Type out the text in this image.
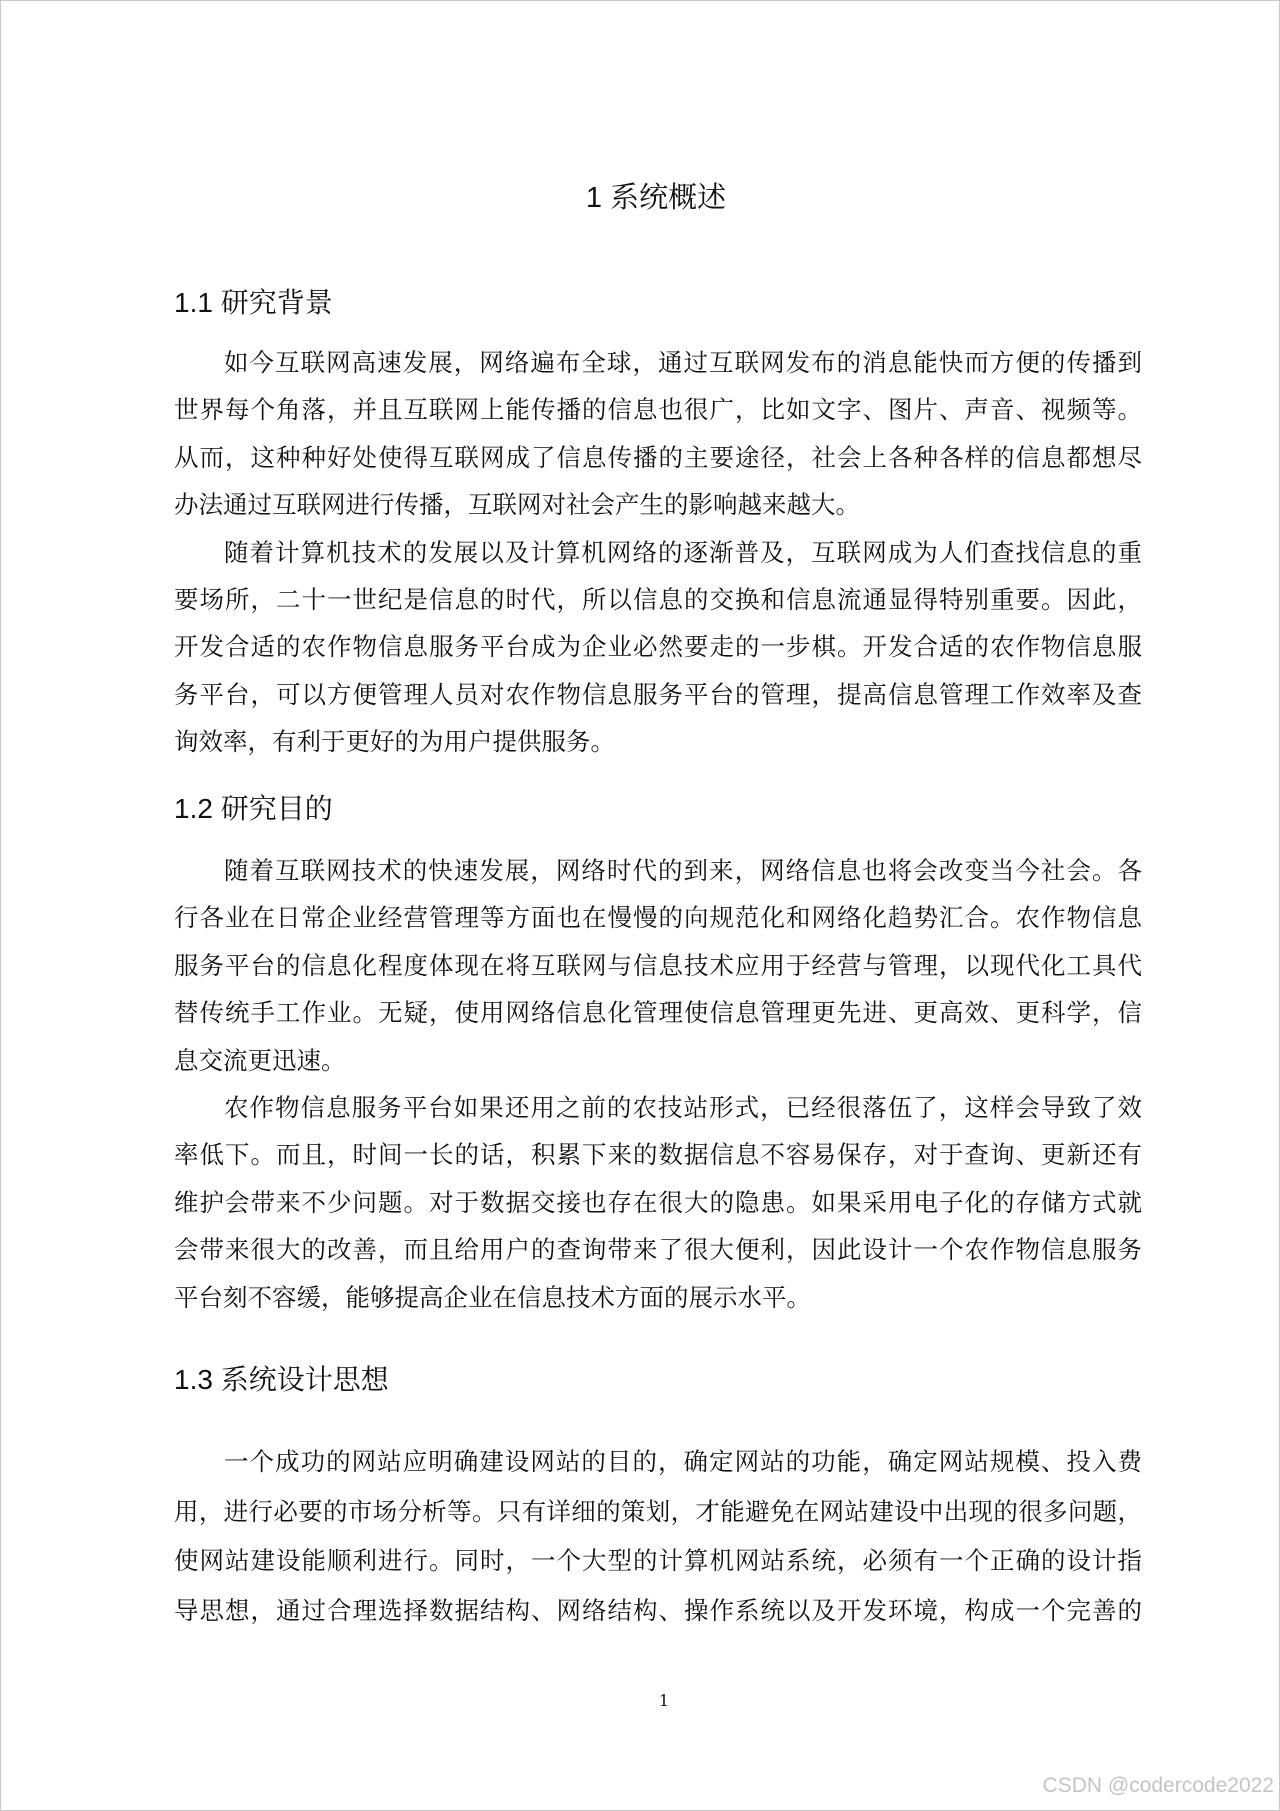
1 系统概述
1.1 研究背景
如今互联网高速发展，网络遍布全球，通过互联网发布的消息能快而方便的传播到
世界每个角落，并且互联网上能传播的信息也很广，比如文字、图片、声音、视频等。
从而，这种种好处使得互联网成了信息传播的主要途径，社会上各种各样的信息都想尽
办法通过互联网进行传播，互联网对社会产生的影响越来越大。
随着计算机技术的发展以及计算机网络的逐渐普及，互联网成为人们查找信息的重
要场所，二十一世纪是信息的时代，所以信息的交换和信息流通显得特别重要。因此，
开发合适的农作物信息服务平台成为企业必然要走的一步棋。开发合适的农作物信息服
务平台，可以方便管理人员对农作物信息服务平台的管理，提高信息管理工作效率及查
询效率，有利于更好的为用户提供服务。
1.2 研究目的
随着互联网技术的快速发展，网络时代的到来，网络信息也将会改变当今社会。各
行各业在日常企业经营管理等方面也在慢慢的向规范化和网络化趋势汇合。农作物信息
服务平台的信息化程度体现在将互联网与信息技术应用于经营与管理，以现代化工具代
替传统手工作业。无疑，使用网络信息化管理使信息管理更先进、更高效、更科学，信
息交流更迅速。
农作物信息服务平台如果还用之前的农技站形式，已经很落伍了，这样会导致了效
率低下。而且，时间一长的话，积累下来的数据信息不容易保存，对于查询、更新还有
维护会带来不少问题。对于数据交接也存在很大的隐患。如果采用电子化的存储方式就
会带来很大的改善，而且给用户的查询带来了很大便利，因此设计一个农作物信息服务
平台刻不容缓，能够提高企业在信息技术方面的展示水平。
1.3 系统设计思想
一个成功的网站应明确建设网站的目的，确定网站的功能，确定网站规模、投入费
用，进行必要的市场分析等。只有详细的策划，才能避免在网站建设中出现的很多问题，
使网站建设能顺利进行。同时，一个大型的计算机网站系统，必须有一个正确的设计指
导思想，通过合理选择数据结构、网络结构、操作系统以及开发环境，构成一个完善的
1
CSDN @codercode2022
